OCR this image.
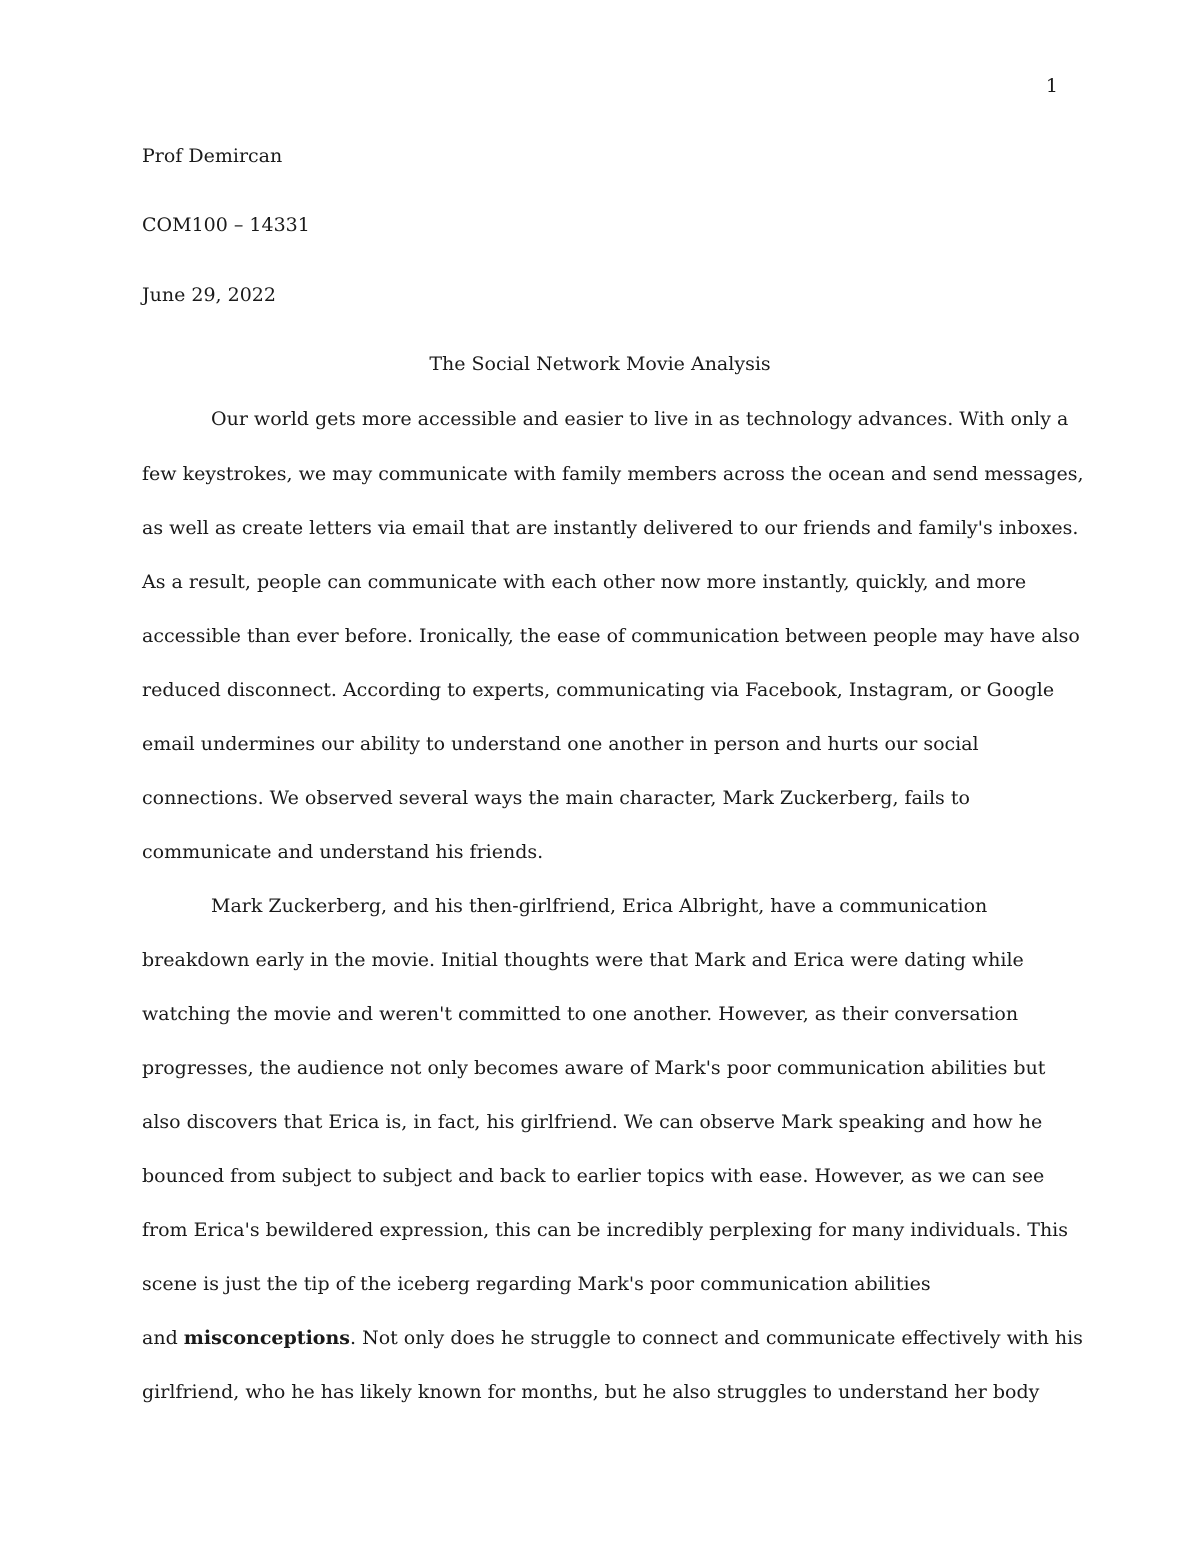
1
Prof Demircan
COM100 – 14331
June 29, 2022
The Social Network Movie Analysis
Our world gets more accessible and easier to live in as technology advances. With only a
few keystrokes, we may communicate with family members across the ocean and send messages,
as well as create letters via email that are instantly delivered to our friends and family's inboxes.
As a result, people can communicate with each other now more instantly, quickly, and more
accessible than ever before. Ironically, the ease of communication between people may have also
reduced disconnect. According to experts, communicating via Facebook, Instagram, or Google
email undermines our ability to understand one another in person and hurts our social
connections. We observed several ways the main character, Mark Zuckerberg, fails to
communicate and understand his friends.
Mark Zuckerberg, and his then-girlfriend, Erica Albright, have a communication
breakdown early in the movie. Initial thoughts were that Mark and Erica were dating while
watching the movie and weren't committed to one another. However, as their conversation
progresses, the audience not only becomes aware of Mark's poor communication abilities but
also discovers that Erica is, in fact, his girlfriend. We can observe Mark speaking and how he
bounced from subject to subject and back to earlier topics with ease. However, as we can see
from Erica's bewildered expression, this can be incredibly perplexing for many individuals. This
scene is just the tip of the iceberg regarding Mark's poor communication abilities
and misconceptions. Not only does he struggle to connect and communicate effectively with his
girlfriend, who he has likely known for months, but he also struggles to understand her body
